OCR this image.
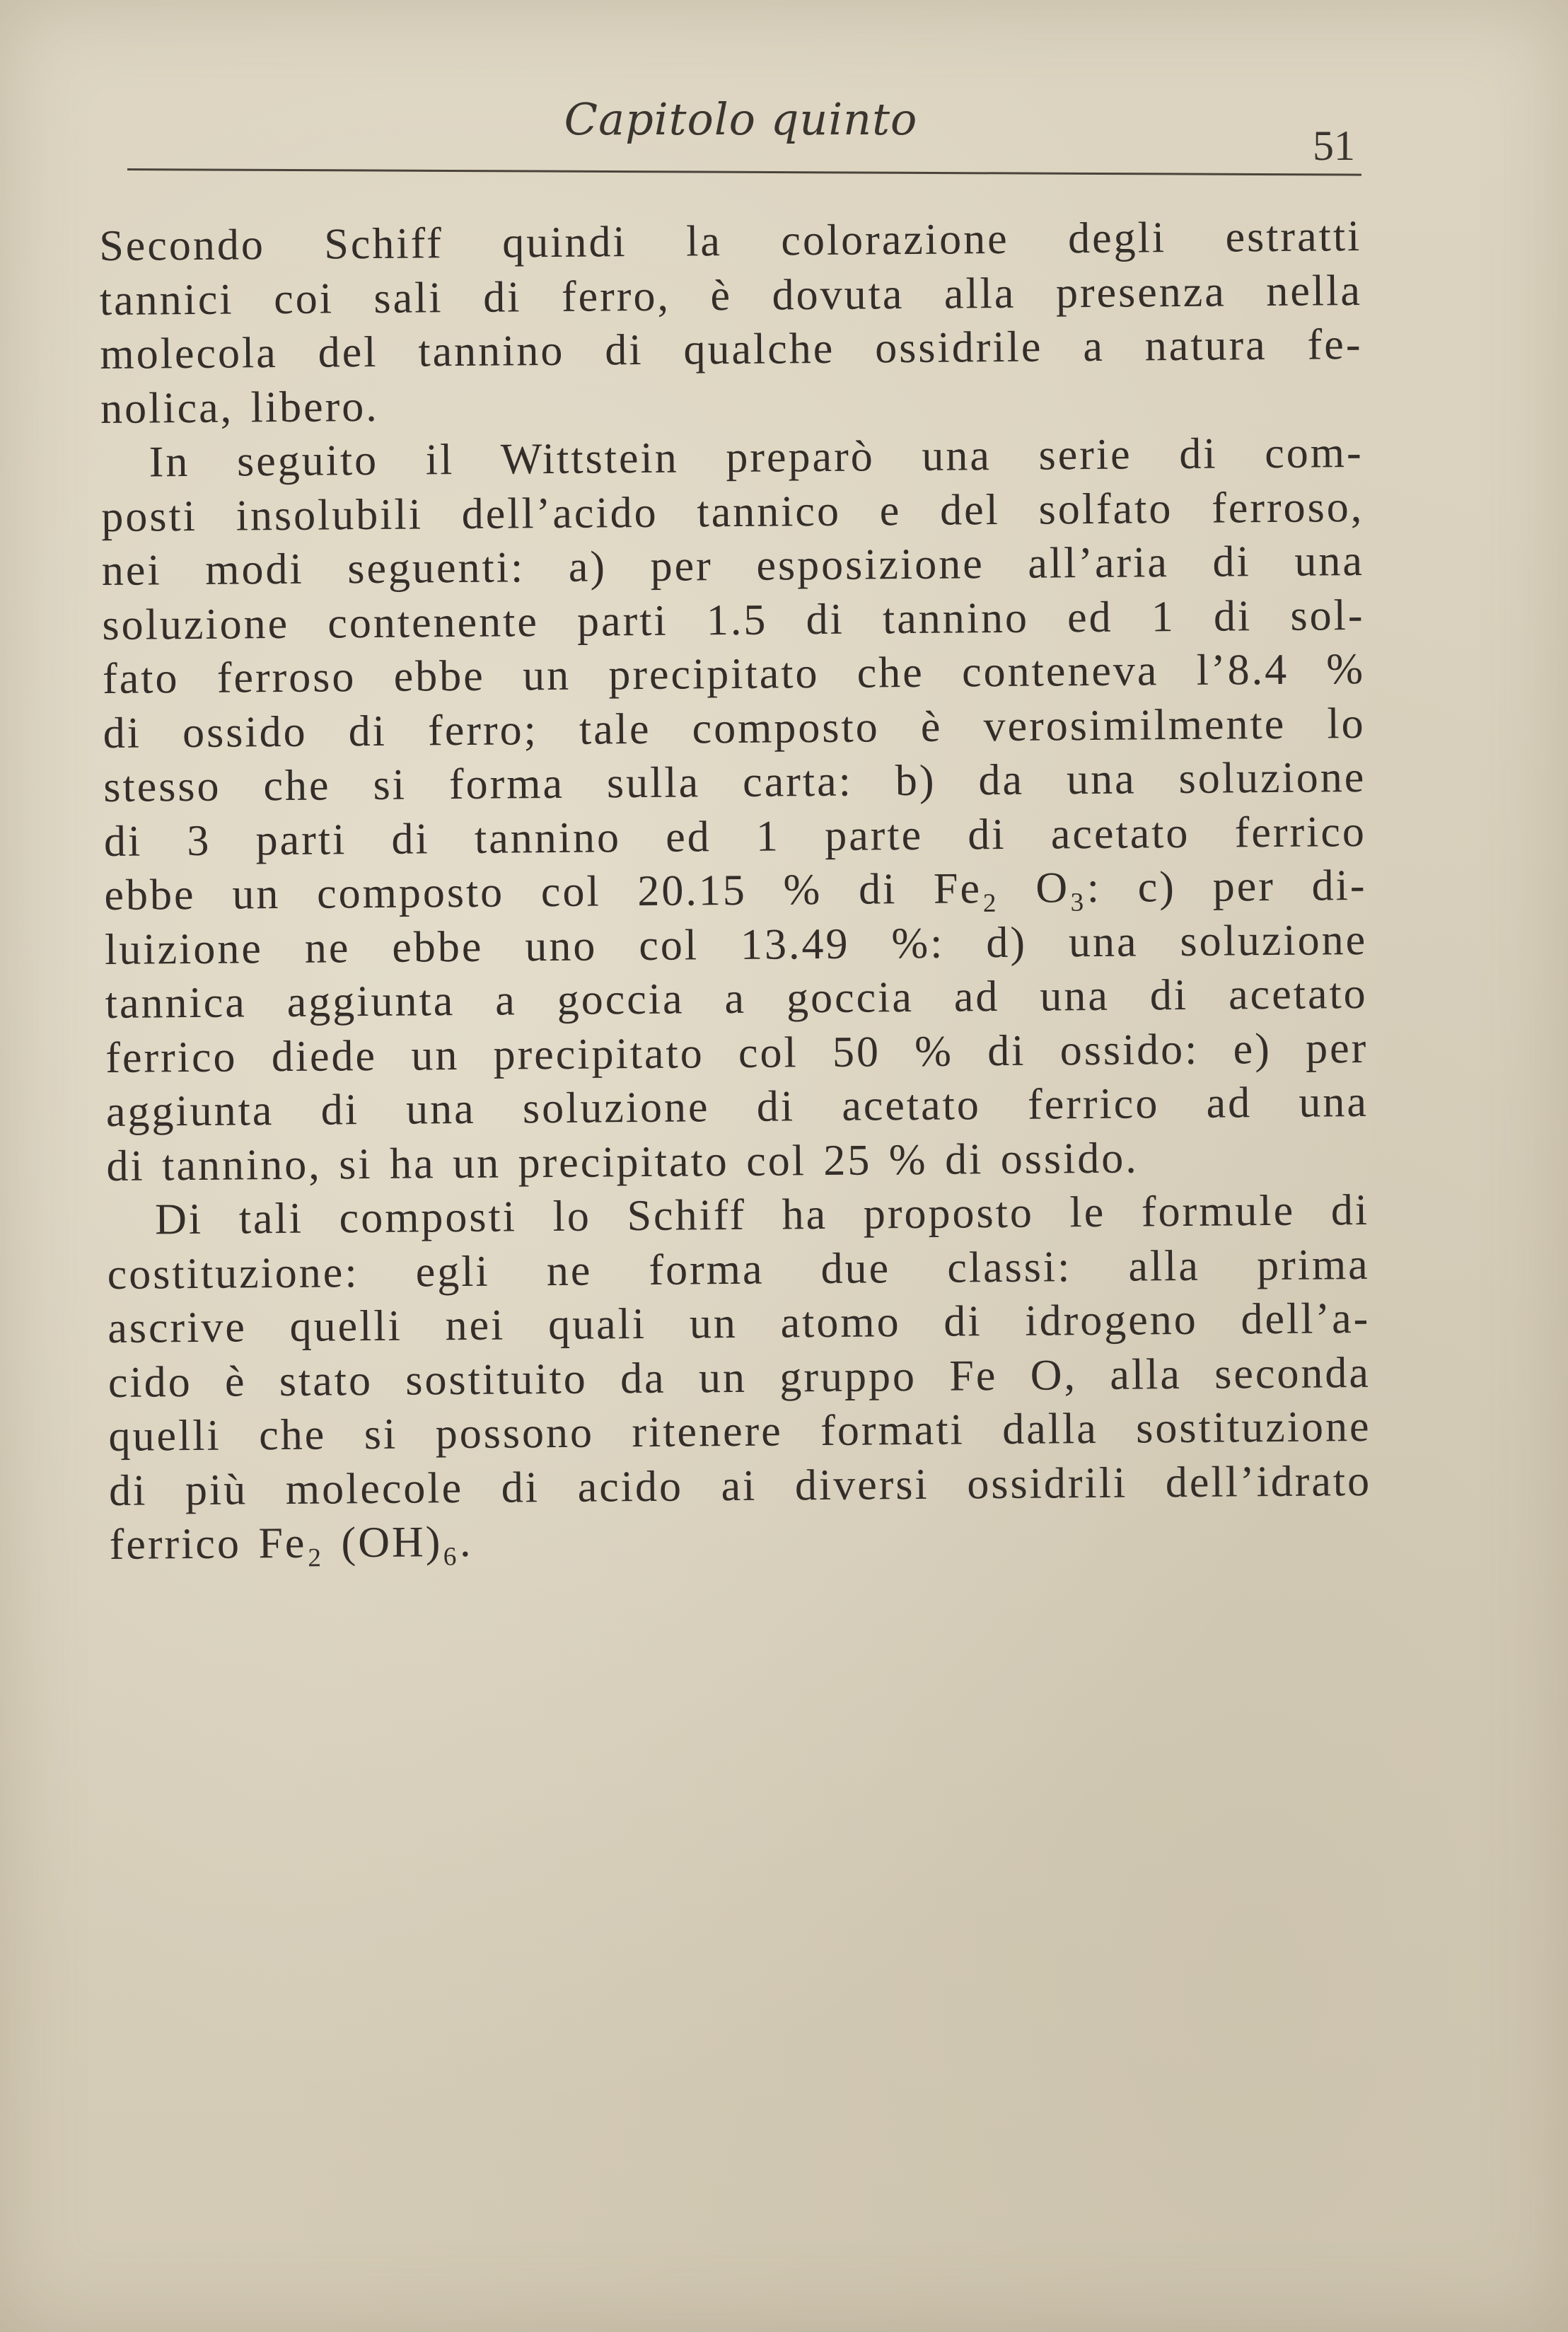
Capitolo quinto
51
Secondo Schiff quindi la colorazione degli estratti
tannici coi sali di ferro, è dovuta alla presenza nella
molecola del tannino di qualche ossidrile a natura fe-
nolica, libero.
In seguito il Wittstein preparò una serie di com-
posti insolubili dell’acido tannico e del solfato ferroso,
nei modi seguenti: a) per esposizione all’aria di una
soluzione contenente parti 1.5 di tannino ed 1 di sol-
fato ferroso ebbe un precipitato che conteneva l’8.4 %
di ossido di ferro; tale composto è verosimilmente lo
stesso che si forma sulla carta: b) da una soluzione
di 3 parti di tannino ed 1 parte di acetato ferrico
ebbe un composto col 20.15 % di Fe₂ O₃: c) per di-
luizione ne ebbe uno col 13.49 %: d) una soluzione
tannica aggiunta a goccia a goccia ad una di acetato
ferrico diede un precipitato col 50 % di ossido: e) per
aggiunta di una soluzione di acetato ferrico ad una
di tannino, si ha un precipitato col 25 % di ossido.
Di tali composti lo Schiff ha proposto le formule di
costituzione: egli ne forma due classi: alla prima
ascrive quelli nei quali un atomo di idrogeno dell’a-
cido è stato sostituito da un gruppo Fe O, alla seconda
quelli che si possono ritenere formati dalla sostituzione
di più molecole di acido ai diversi ossidrili dell’idrato
ferrico Fe₂ (OH)₆.
